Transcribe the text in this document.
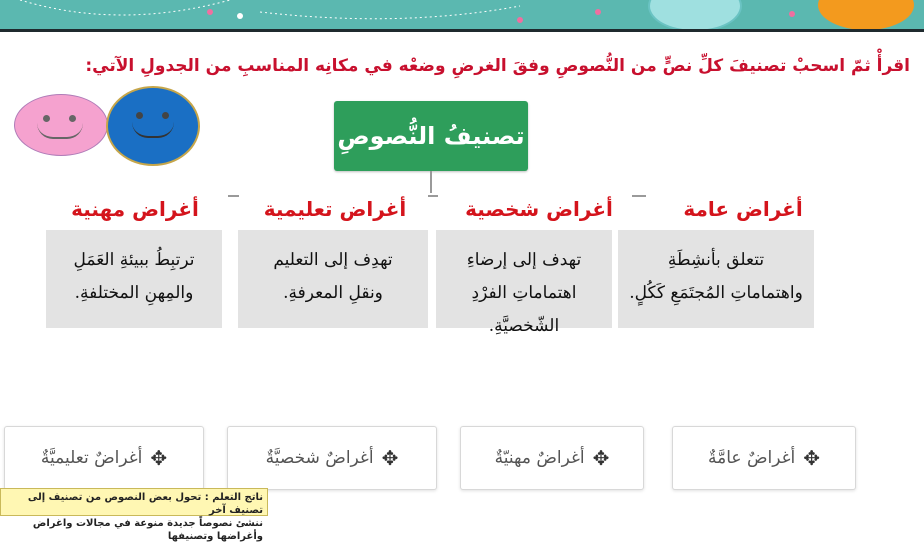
اقرأْ ثمّ اسحبْ تصنيفَ كلِّ نصٍّ من النُّصوصِ وفقَ الغرضِ وضعْه في مكانِه المناسبِ من الجدولِ الآتي:
تصنيفُ النُّصوصِ
أغراض عامة
تتعلق بأنشِطَةِ
واهتماماتِ المُجتَمَعِ كَكُلٍ.
أغراض شخصية
تهدف إلى إرضاءِ
اهتماماتِ الفرْدِ الشّخصيَّةِ.
أغراض تعليمية
تهدِف إلى التعليم
ونقلِ المعرفةِ.
أغراض مهنية
ترتبِطُ ببيئةِ العَمَلِ
والمِهنِ المختلفةِ.
✥
أغراضٌ عامَّةٌ
✥
أغراضٌ مهنيّةٌ
✥
أغراضٌ شخصيَّةٌ
✥
أغراضٌ تعليميَّةٌ
ناتج التعلم : تحول بعض النصوص من تصنيف إلى تصنيف آخر
ننشئ نصوصاً جديدة منوعة في مجالات واغراض وأغراضها وتصنيفها
